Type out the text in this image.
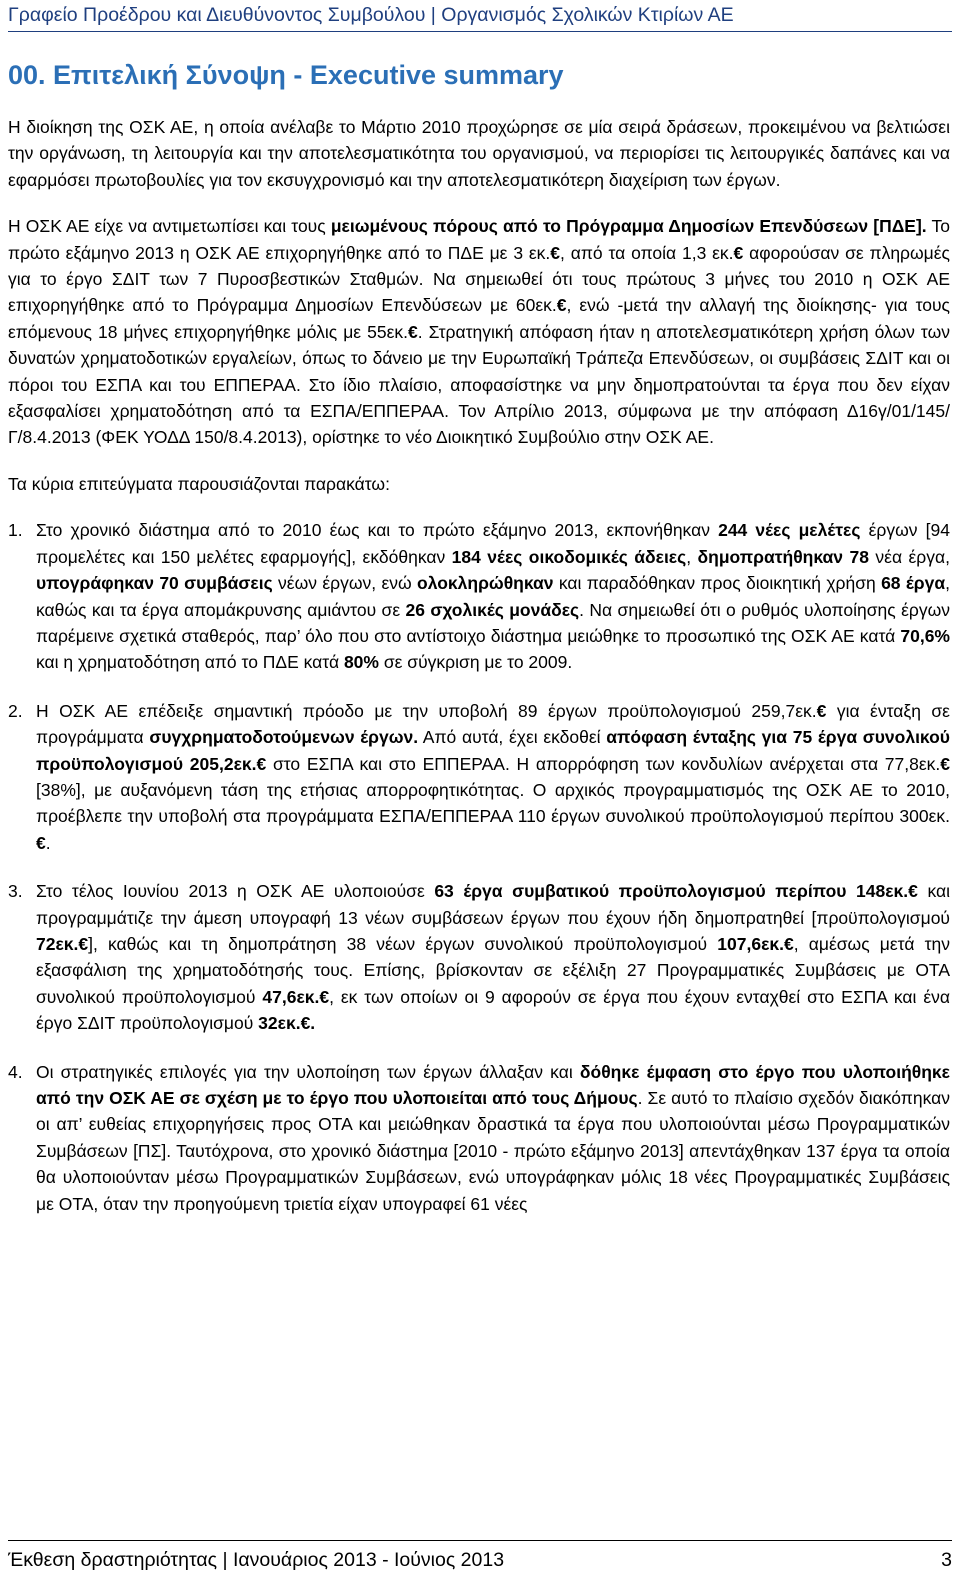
Γραφείο Προέδρου και Διευθύνοντος Συμβούλου | Οργανισμός Σχολικών Κτιρίων ΑΕ
00. Επιτελική Σύνοψη - Executive summary

Η διοίκηση της ΟΣΚ ΑΕ, η οποία ανέλαβε το Μάρτιο 2010 προχώρησε σε μία σειρά δράσεων, προκειμένου να βελτιώσει την οργάνωση, τη λειτουργία και την αποτελεσματικότητα του οργανισμού, να περιορίσει τις λειτουργικές δαπάνες και να εφαρμόσει πρωτοβουλίες για τον εκσυγχρονισμό και την αποτελεσματικότερη διαχείριση των έργων.

Η ΟΣΚ ΑΕ είχε να αντιμετωπίσει και τους μειωμένους πόρους από το Πρόγραμμα Δημοσίων Επενδύσεων [ΠΔΕ]. Το πρώτο εξάμηνο 2013 η ΟΣΚ ΑΕ επιχορηγήθηκε από το ΠΔΕ με 3 εκ.€, από τα οποία 1,3 εκ.€ αφορούσαν σε πληρωμές για το έργο ΣΔΙΤ των 7 Πυροσβεστικών Σταθμών. Να σημειωθεί ότι τους πρώτους 3 μήνες του 2010 η ΟΣΚ ΑΕ επιχορηγήθηκε από το Πρόγραμμα Δημοσίων Επενδύσεων με 60εκ.€, ενώ -μετά την αλλαγή της διοίκησης- για τους επόμενους 18 μήνες επιχορηγήθηκε μόλις με 55εκ.€. Στρατηγική απόφαση ήταν η αποτελεσματικότερη χρήση όλων των δυνατών χρηματοδοτικών εργαλείων, όπως το δάνειο με την Ευρωπαϊκή Τράπεζα Επενδύσεων, οι συμβάσεις ΣΔΙΤ και οι πόροι του ΕΣΠΑ και του ΕΠΠΕΡΑΑ. Στο ίδιο πλαίσιο, αποφασίστηκε να μην δημοπρατούνται τα έργα που δεν είχαν εξασφαλίσει χρηματοδότηση από τα ΕΣΠΑ/ΕΠΠΕΡΑΑ. Τον Απρίλιο 2013, σύμφωνα με την απόφαση Δ16γ/01/145/Γ/8.4.2013 (ΦΕΚ ΥΟΔΔ 150/8.4.2013), ορίστηκε το νέο Διοικητικό Συμβούλιο στην ΟΣΚ ΑΕ.

Τα κύρια επιτεύγματα παρουσιάζονται παρακάτω:

1. Στο χρονικό διάστημα από το 2010 έως και το πρώτο εξάμηνο 2013, εκπονήθηκαν 244 νέες μελέτες έργων [94 προμελέτες και 150 μελέτες εφαρμογής], εκδόθηκαν 184 νέες οικοδομικές άδειες, δημοπρατήθηκαν 78 νέα έργα, υπογράφηκαν 70 συμβάσεις νέων έργων, ενώ ολοκληρώθηκαν και παραδόθηκαν προς διοικητική χρήση 68 έργα, καθώς και τα έργα απομάκρυνσης αμιάντου σε 26 σχολικές μονάδες. Να σημειωθεί ότι ο ρυθμός υλοποίησης έργων παρέμεινε σχετικά σταθερός, παρ’ όλο που στο αντίστοιχο διάστημα μειώθηκε το προσωπικό της ΟΣΚ ΑΕ κατά 70,6% και η χρηματοδότηση από το ΠΔΕ κατά 80% σε σύγκριση με το 2009.

2. Η ΟΣΚ ΑΕ επέδειξε σημαντική πρόοδο με την υποβολή 89 έργων προϋπολογισμού 259,7εκ.€ για ένταξη σε προγράμματα συγχρηματοδοτούμενων έργων. Από αυτά, έχει εκδοθεί απόφαση ένταξης για 75 έργα συνολικού προϋπολογισμού 205,2εκ.€ στο ΕΣΠΑ και στο ΕΠΠΕΡΑΑ. Η απορρόφηση των κονδυλίων ανέρχεται στα 77,8εκ.€ [38%], με αυξανόμενη τάση της ετήσιας απορροφητικότητας. Ο αρχικός προγραμματισμός της ΟΣΚ ΑΕ το 2010, προέβλεπε την υποβολή στα προγράμματα ΕΣΠΑ/ΕΠΠΕΡΑΑ 110 έργων συνολικού προϋπολογισμού περίπου 300εκ.€.

3. Στο τέλος Ιουνίου 2013 η ΟΣΚ ΑΕ υλοποιούσε 63 έργα συμβατικού προϋπολογισμού περίπου 148εκ.€ και προγραμμάτιζε την άμεση υπογραφή 13 νέων συμβάσεων έργων που έχουν ήδη δημοπρατηθεί [προϋπολογισμού 72εκ.€], καθώς και τη δημοπράτηση 38 νέων έργων συνολικού προϋπολογισμού 107,6εκ.€, αμέσως μετά την εξασφάλιση της χρηματοδότησής τους. Επίσης, βρίσκονταν σε εξέλιξη 27 Προγραμματικές Συμβάσεις με ΟΤΑ συνολικού προϋπολογισμού 47,6εκ.€, εκ των οποίων οι 9 αφορούν σε έργα που έχουν ενταχθεί στο ΕΣΠΑ και ένα έργο ΣΔΙΤ προϋπολογισμού 32εκ.€.

4. Οι στρατηγικές επιλογές για την υλοποίηση των έργων άλλαξαν και δόθηκε έμφαση στο έργο που υλοποιήθηκε από την ΟΣΚ ΑΕ σε σχέση με το έργο που υλοποιείται από τους Δήμους. Σε αυτό το πλαίσιο σχεδόν διακόπηκαν οι απ’ ευθείας επιχορηγήσεις προς ΟΤΑ και μειώθηκαν δραστικά τα έργα που υλοποιούνται μέσω Προγραμματικών Συμβάσεων [ΠΣ]. Ταυτόχρονα, στο χρονικό διάστημα [2010 - πρώτο εξάμηνο 2013] απεντάχθηκαν 137 έργα τα οποία θα υλοποιούνταν μέσω Προγραμματικών Συμβάσεων, ενώ υπογράφηκαν μόλις 18 νέες Προγραμματικές Συμβάσεις με ΟΤΑ, όταν την προηγούμενη τριετία είχαν υπογραφεί 61 νέες

Έκθεση δραστηριότητας | Ιανουάριος 2013 - Ιούνιος 2013	3
